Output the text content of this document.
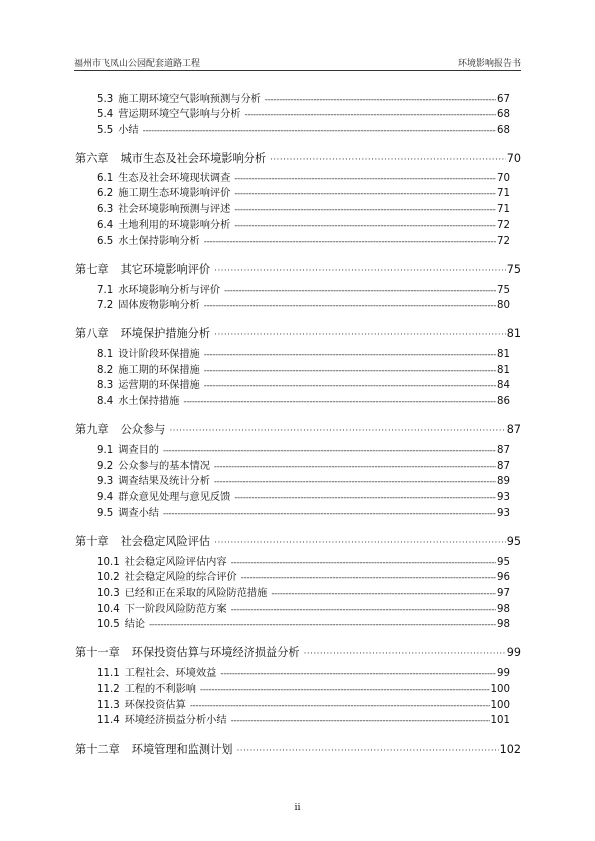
福州市飞凤山公园配套道路工程	环境影响报告书
5.3 施工期环境空气影响预测与分析 -----	67
5.4 营运期环境空气影响与分析 -----	68
5.5 小结 -----	68
第六章 城市生态及社会环境影响分析 ·····	70
6.1 生态及社会环境现状调查 -----	70
6.2 施工期生态环境影响评价 -----	71
6.3 社会环境影响预测与评述 -----	71
6.4 土地利用的环境影响分析 -----	72
6.5 水土保持影响分析 -----	72
第七章 其它环境影响评价 ·····	75
7.1 水环境影响分析与评价 -----	75
7.2 固体废物影响分析 -----	80
第八章 环境保护措施分析 ·····	81
8.1 设计阶段环保措施 -----	81
8.2 施工期的环保措施 -----	81
8.3 运营期的环保措施 -----	84
8.4 水土保持措施 -----	86
第九章 公众参与 ·····	87
9.1 调查目的 -----	87
9.2 公众参与的基本情况 -----	87
9.3 调查结果及统计分析 -----	89
9.4 群众意见处理与意见反馈 -----	93
9.5 调查小结 -----	93
第十章 社会稳定风险评估 ·····	95
10.1 社会稳定风险评估内容 -----	95
10.2 社会稳定风险的综合评价 -----	96
10.3 已经和正在采取的风险防范措施 -----	97
10.4 下一阶段风险防范方案 -----	98
10.5 结论 -----	98
第十一章 环保投资估算与环境经济损益分析 ·····	99
11.1 工程社会、环境效益 -----	99
11.2 工程的不利影响 -----	100
11.3 环保投资估算 -----	100
11.4 环境经济损益分析小结 -----	101
第十二章 环境管理和监测计划 ·····	102
ii
